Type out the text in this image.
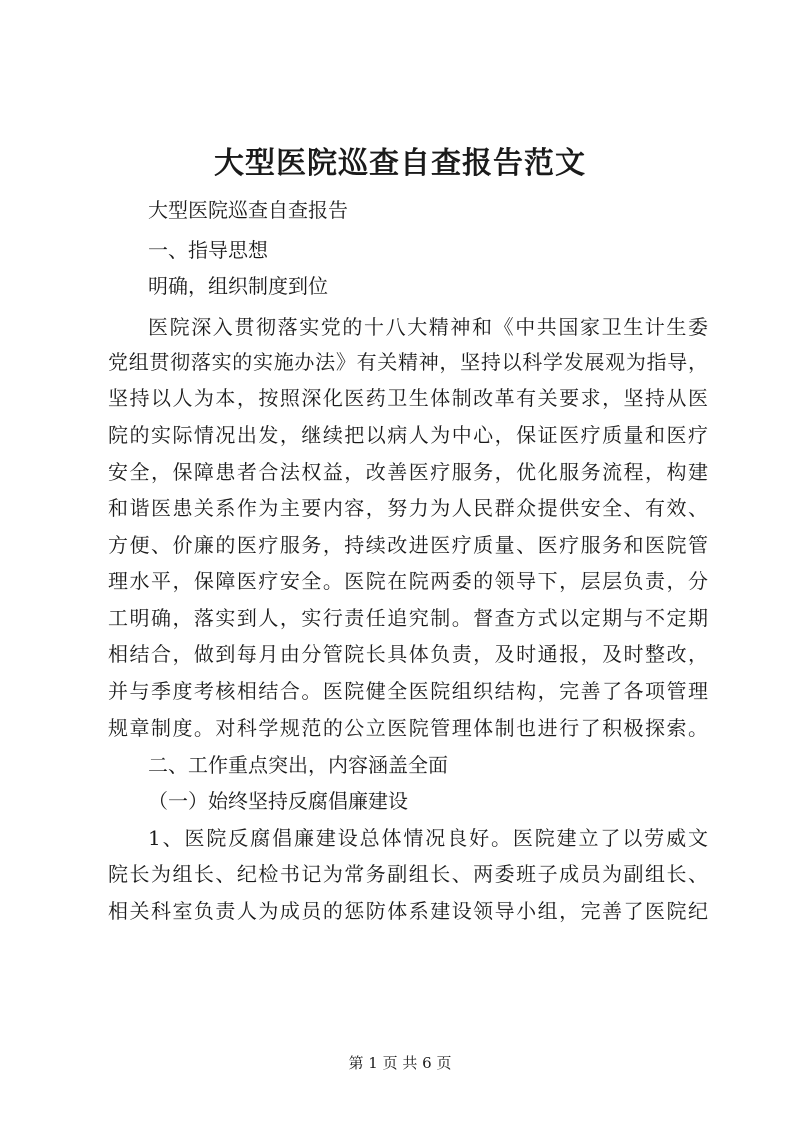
大型医院巡查自查报告范文
大型医院巡查自查报告
一、指导思想
明确，组织制度到位
医院深入贯彻落实党的十八大精神和《中共国家卫生计生委
党组贯彻落实的实施办法》有关精神，坚持以科学发展观为指导，
坚持以人为本，按照深化医药卫生体制改革有关要求，坚持从医
院的实际情况出发，继续把以病人为中心，保证医疗质量和医疗
安全，保障患者合法权益，改善医疗服务，优化服务流程，构建
和谐医患关系作为主要内容，努力为人民群众提供安全、有效、
方便、价廉的医疗服务，持续改进医疗质量、医疗服务和医院管
理水平，保障医疗安全。医院在院两委的领导下，层层负责，分
工明确，落实到人，实行责任追究制。督查方式以定期与不定期
相结合，做到每月由分管院长具体负责，及时通报，及时整改，
并与季度考核相结合。医院健全医院组织结构，完善了各项管理
规章制度。对科学规范的公立医院管理体制也进行了积极探索。
二、工作重点突出，内容涵盖全面
（一）始终坚持反腐倡廉建设
1、医院反腐倡廉建设总体情况良好。医院建立了以劳威文
院长为组长、纪检书记为常务副组长、两委班子成员为副组长、
相关科室负责人为成员的惩防体系建设领导小组，完善了医院纪
第 1 页 共 6 页
